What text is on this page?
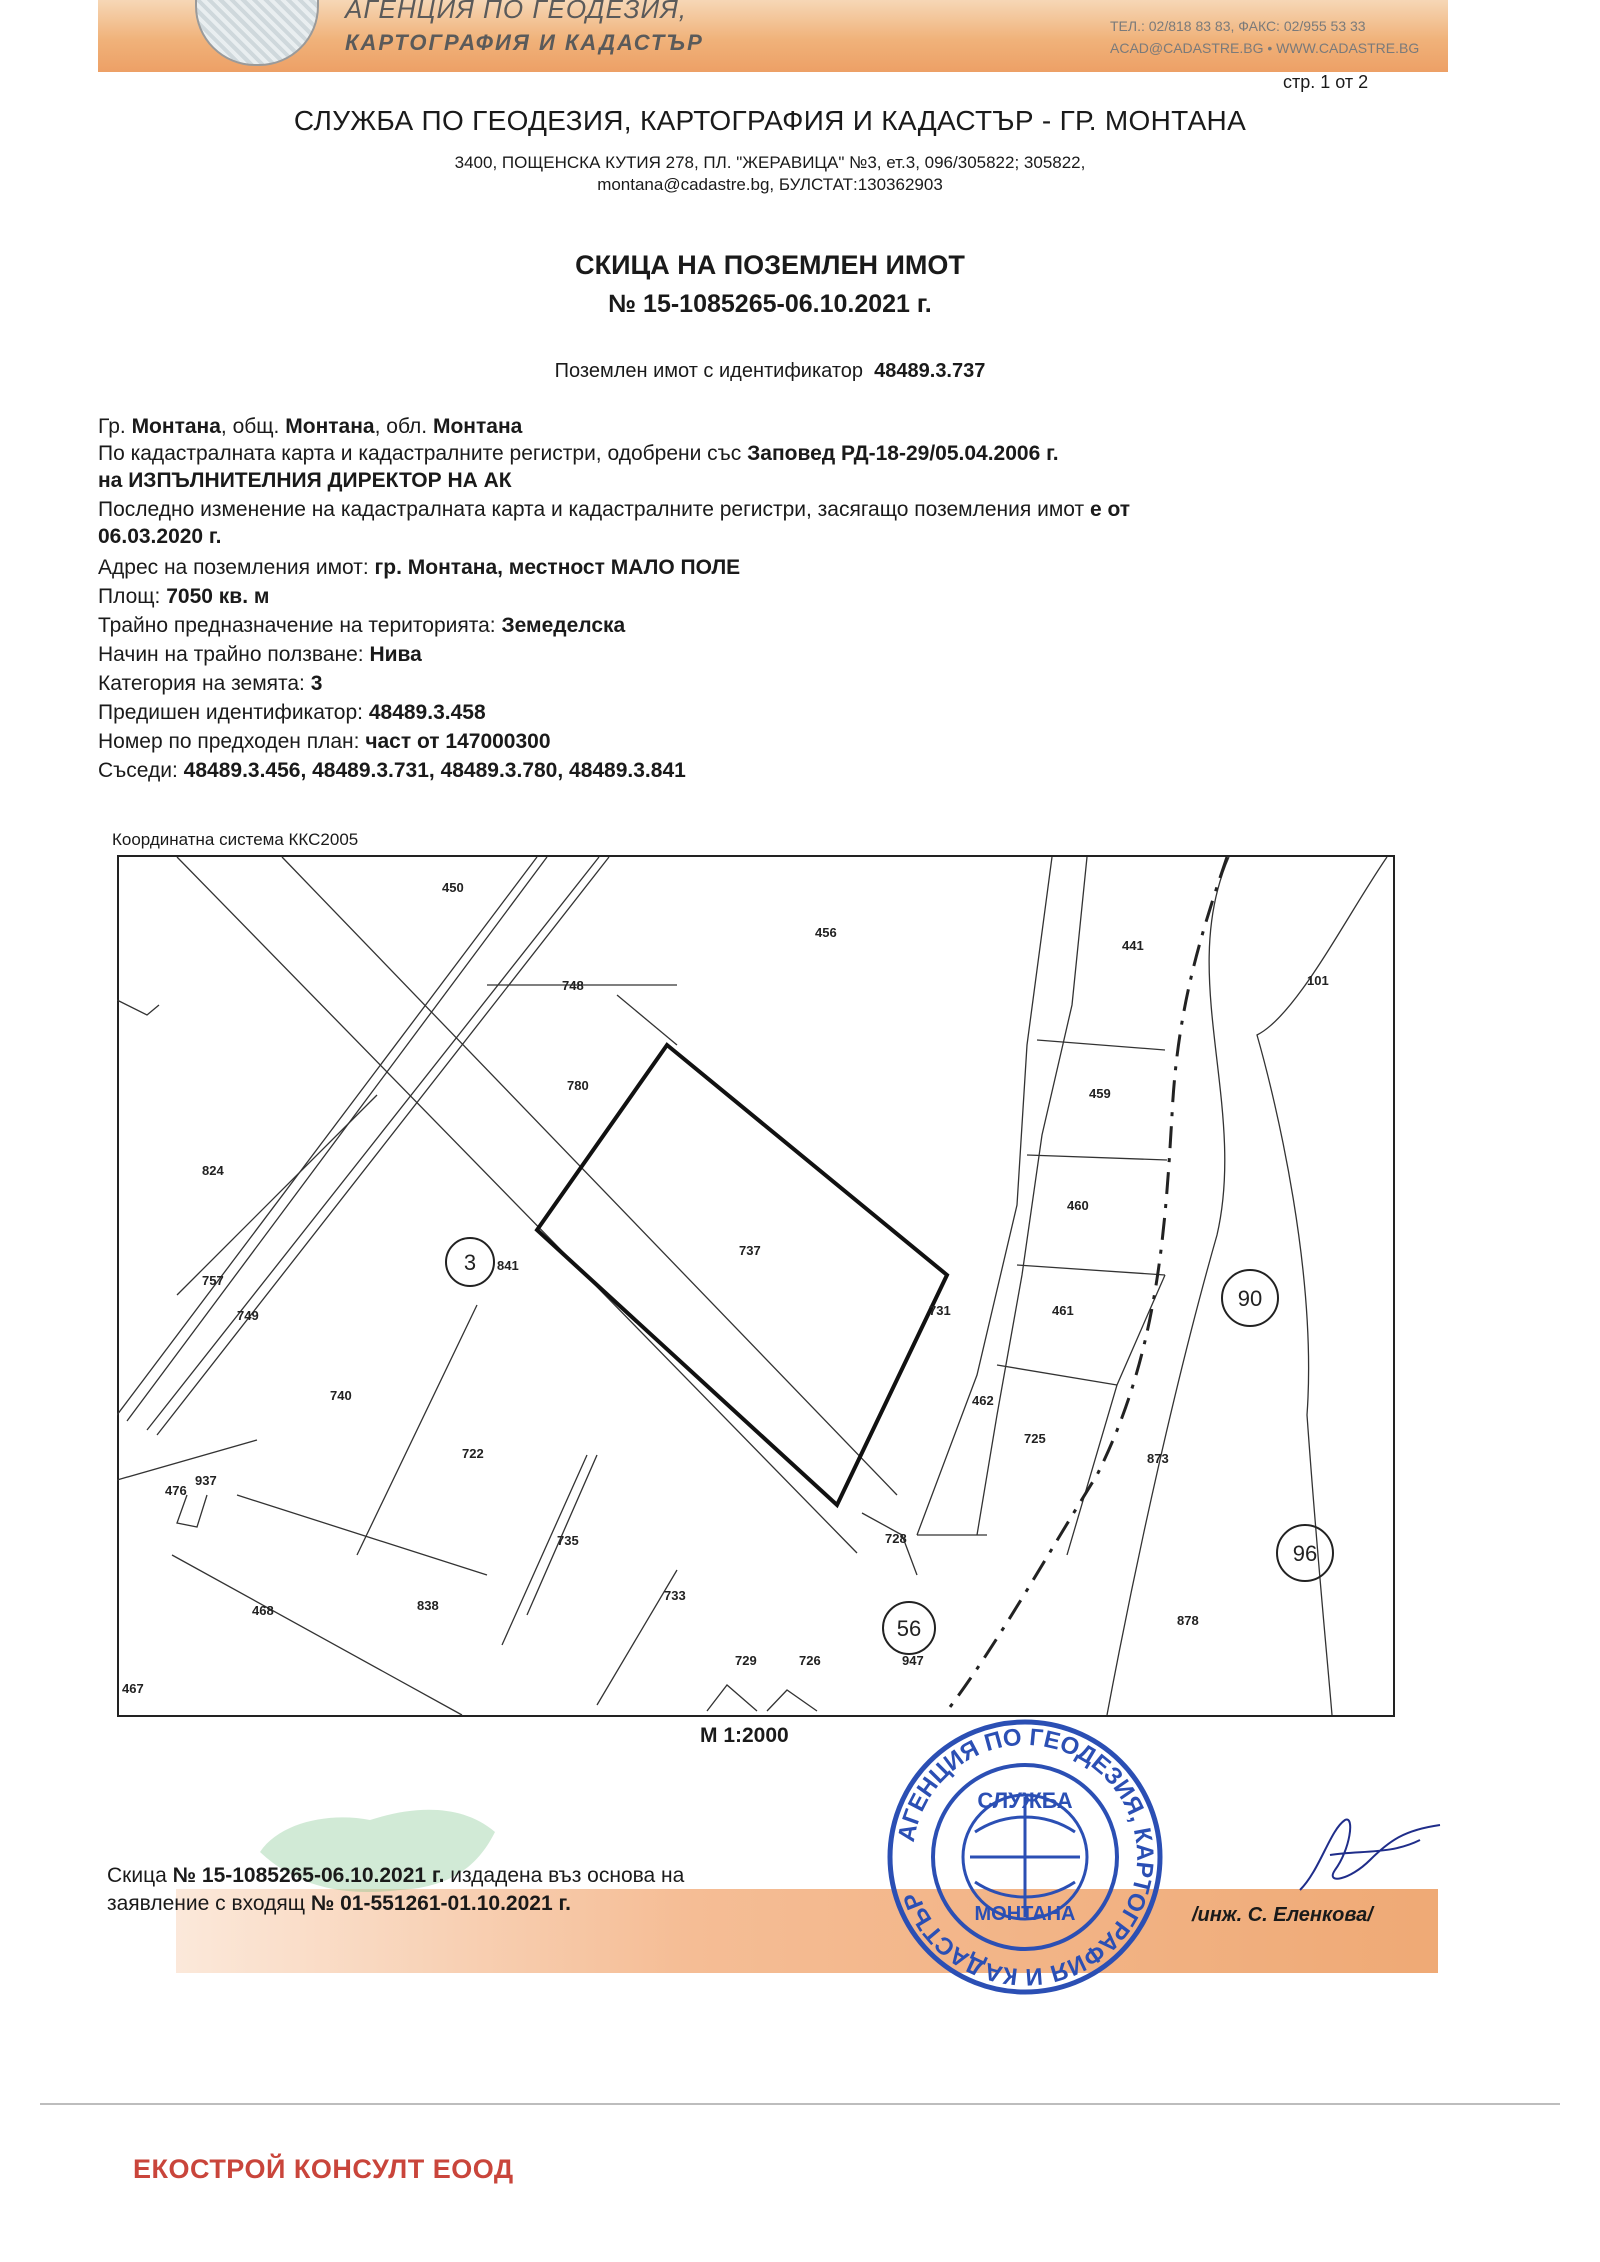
АГЕНЦИЯ ПО ГЕОДЕЗИЯ,
КАРТОГРАФИЯ И КАДАСТЪР
ТЕЛ.: 02/818 83 83, ФАКС: 02/955 53 33
ACAD@CADASTRE.BG • WWW.CADASTRE.BG
стр. 1 от 2
СЛУЖБА ПО ГЕОДЕЗИЯ, КАРТОГРАФИЯ И КАДАСТЪР - ГР. МОНТАНА
3400, ПОЩЕНСКА КУТИЯ 278, ПЛ. "ЖЕРАВИЦА" №3, ет.3, 096/305822; 305822,
montana@cadastre.bg, БУЛСТАТ:130362903
СКИЦА НА ПОЗЕМЛЕН ИМОТ
№ 15-1085265-06.10.2021 г.
Поземлен имот с идентификатор 48489.3.737
Гр. Монтана, общ. Монтана, обл. Монтана
По кадастралната карта и кадастралните регистри, одобрени със Заповед РД-18-29/05.04.2006 г.
на ИЗПЪЛНИТЕЛНИЯ ДИРЕКТОР НА АК
Последно изменение на кадастралната карта и кадастралните регистри, засягащо поземления имот е от
06.03.2020 г.
Адрес на поземления имот: гр. Монтана, местност МАЛО ПОЛЕ
Площ: 7050 кв. м
Трайно предназначение на територията: Земеделска
Начин на трайно ползване: Нива
Категория на земята: 3
Предишен идентификатор: 48489.3.458
Номер по предходен план: част от 147000300
Съседи: 48489.3.456, 48489.3.731, 48489.3.780, 48489.3.841
Координатна система ККС2005
450
456
441
101
748
780
459
824
460
737
841
731	461
757
749
462
725
873
740
722
735	728
733
468	838
947
878
937
476
729	726
467
3
90
96
56
М 1:2000
АГЕНЦИЯ ПО ГЕОДЕЗИЯ, КАРТОГРАФИЯ И КАДАСТЪР
СЛУЖБА
МОНТАНА
Скица № 15-1085265-06.10.2021 г. издадена въз основа на
заявление с входящ № 01-551261-01.10.2021 г.	/инж. С. Еленкова/
ЕКОСТРОЙ КОНСУЛТ ЕООД
